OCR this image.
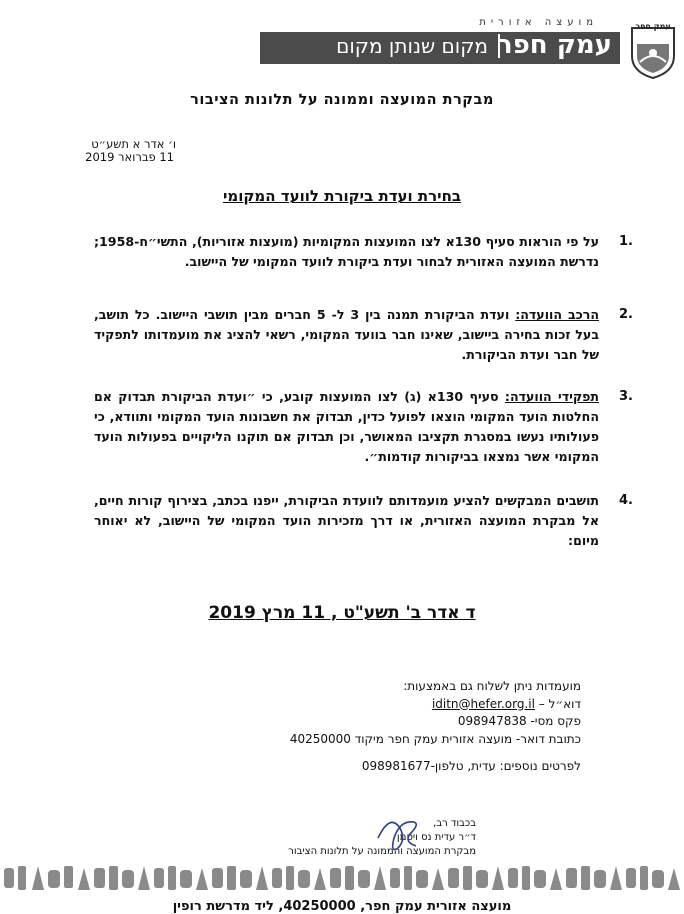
מועצה אזורית
עמק חפר
מקום שנותן מקום
עמק חפר
מבקרת המועצה וממונה על תלונות הציבור
ו׳ אדר א תשע״ט
11 פברואר 2019
בחירת ועדת ביקורת לוועד המקומי
1.
על פי הוראות סעיף 130א לצו המועצות המקומיות (מועצות אזוריות), התשי״ח-1958; נדרשת המועצה האזורית לבחור ועדת ביקורת לוועד המקומי של היישוב.
2.
הרכב הוועדה: ועדת הביקורת תמנה בין 3 ל- 5 חברים מבין תושבי היישוב. כל תושב, בעל זכות בחירה ביישוב, שאינו חבר בוועד המקומי, רשאי להציג את מועמדותו לתפקיד של חבר ועדת הביקורת.
3.
תפקידי הוועדה: סעיף 130א (ג) לצו המועצות קובע, כי ״ועדת הביקורת תבדוק אם החלטות הועד המקומי הוצאו לפועל כדין, תבדוק את חשבונות הועד המקומי ותוודא, כי פעולותיו נעשו במסגרת תקציבו המאושר, וכן תבדוק אם תוקנו הליקויים בפעולות הועד המקומי אשר נמצאו בביקורות קודמות״.
4.
תושבים המבקשים להציע מועמדותם לוועדת הביקורת, ייפנו בכתב, בצירוף קורות חיים, אל מבקרת המועצה האזורית, או דרך מזכירות הועד המקומי של היישוב, לא יאוחר מיום:
ד אדר ב' תשע"ט , 11 מרץ 2019
מועמדות ניתן לשלוח גם באמצעות:
דוא״ל – iditn@hefer.org.il
פקס מסי- 098947838
כתובת דואר- מועצה אזורית עמק חפר מיקוד 40250000
לפרטים נוספים: עדית, טלפון-098981677
בכבוד רב,
ד״ר עדית נס ויסמן
מבקרת המועצה והממונה על תלונות הציבור
מועצה אזורית עמק חפר, 40250000, ליד מדרשת רופין
